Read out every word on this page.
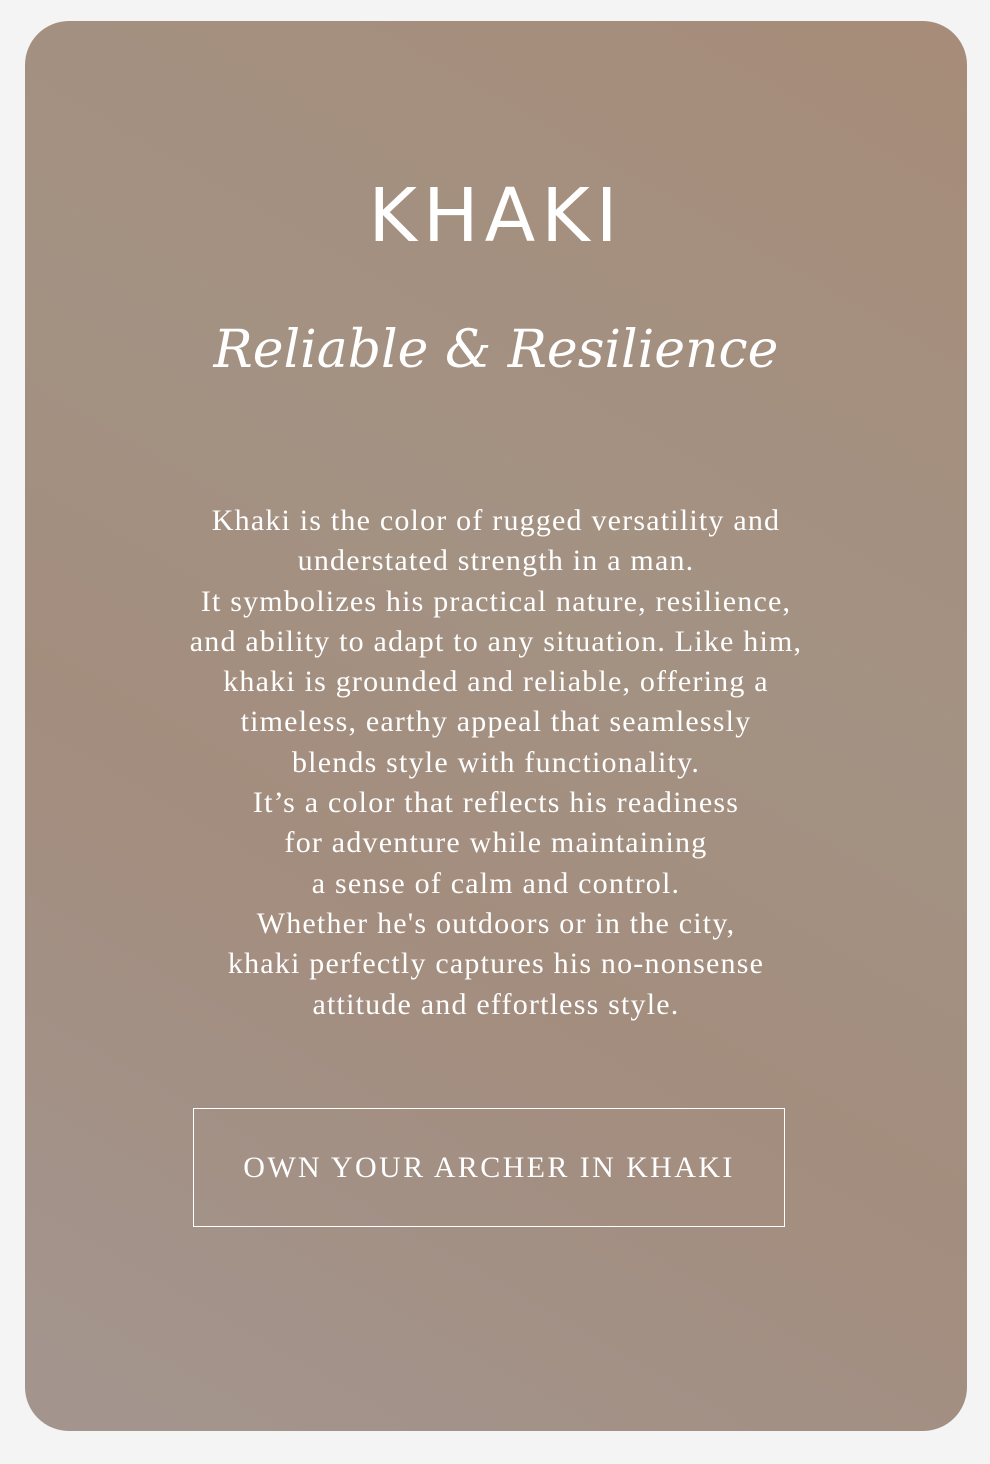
KHAKI
Reliable & Resilience
Khaki is the color of rugged versatility and
understated strength in a man.
It symbolizes his practical nature, resilience,
and ability to adapt to any situation. Like him,
khaki is grounded and reliable, offering a
timeless, earthy appeal that seamlessly
blends style with functionality.
It’s a color that reflects his readiness
for adventure while maintaining
a sense of calm and control.
Whether he's outdoors or in the city,
khaki perfectly captures his no-nonsense
attitude and effortless style.
OWN YOUR ARCHER IN KHAKI
